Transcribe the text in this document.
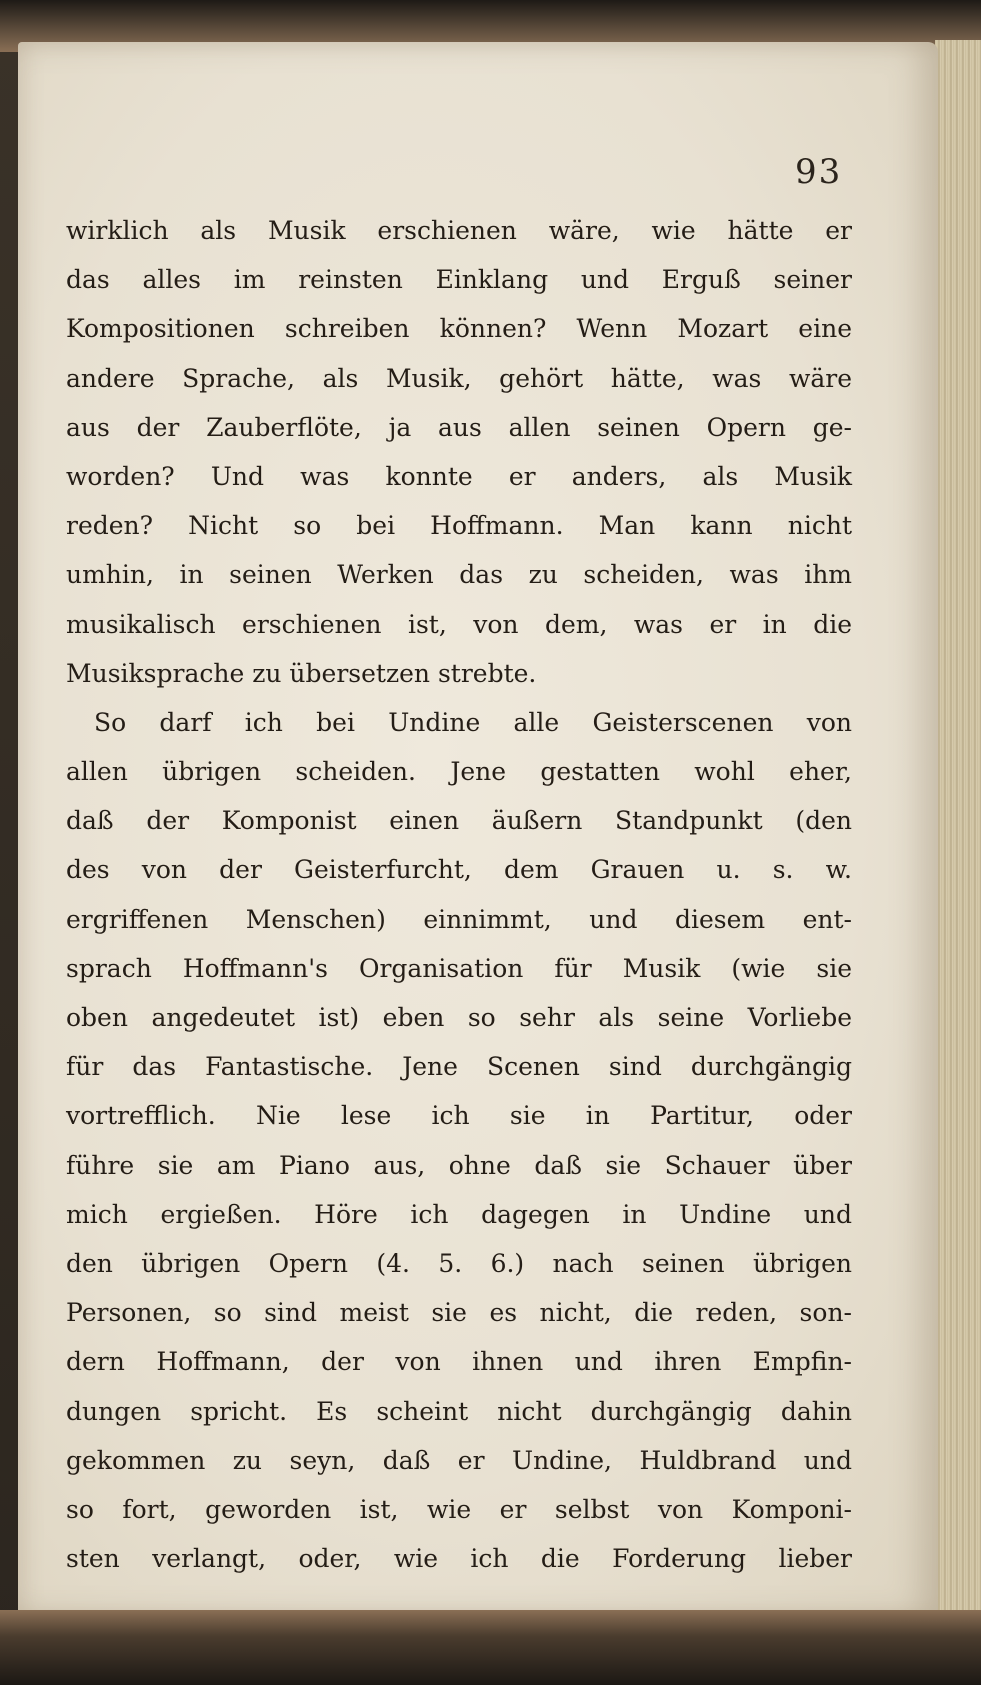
93
wirklich als Musik erschienen wäre, wie hätte er
das alles im reinsten Einklang und Erguß seiner
Kompositionen schreiben können? Wenn Mozart eine
andere Sprache, als Musik, gehört hätte, was wäre
aus der Zauberflöte, ja aus allen seinen Opern ge-
worden? Und was konnte er anders, als Musik
reden? Nicht so bei Hoffmann. Man kann nicht
umhin, in seinen Werken das zu scheiden, was ihm
musikalisch erschienen ist, von dem, was er in die
Musiksprache zu übersetzen strebte.
So darf ich bei Undine alle Geisterscenen von
allen übrigen scheiden. Jene gestatten wohl eher,
daß der Komponist einen äußern Standpunkt (den
des von der Geisterfurcht, dem Grauen u. s. w.
ergriffenen Menschen) einnimmt, und diesem ent-
sprach Hoffmann's Organisation für Musik (wie sie
oben angedeutet ist) eben so sehr als seine Vorliebe
für das Fantastische. Jene Scenen sind durchgängig
vortrefflich. Nie lese ich sie in Partitur, oder
führe sie am Piano aus, ohne daß sie Schauer über
mich ergießen. Höre ich dagegen in Undine und
den übrigen Opern (4. 5. 6.) nach seinen übrigen
Personen, so sind meist sie es nicht, die reden, son-
dern Hoffmann, der von ihnen und ihren Empfin-
dungen spricht. Es scheint nicht durchgängig dahin
gekommen zu seyn, daß er Undine, Huldbrand und
so fort, geworden ist, wie er selbst von Komponi-
sten verlangt, oder, wie ich die Forderung lieber
